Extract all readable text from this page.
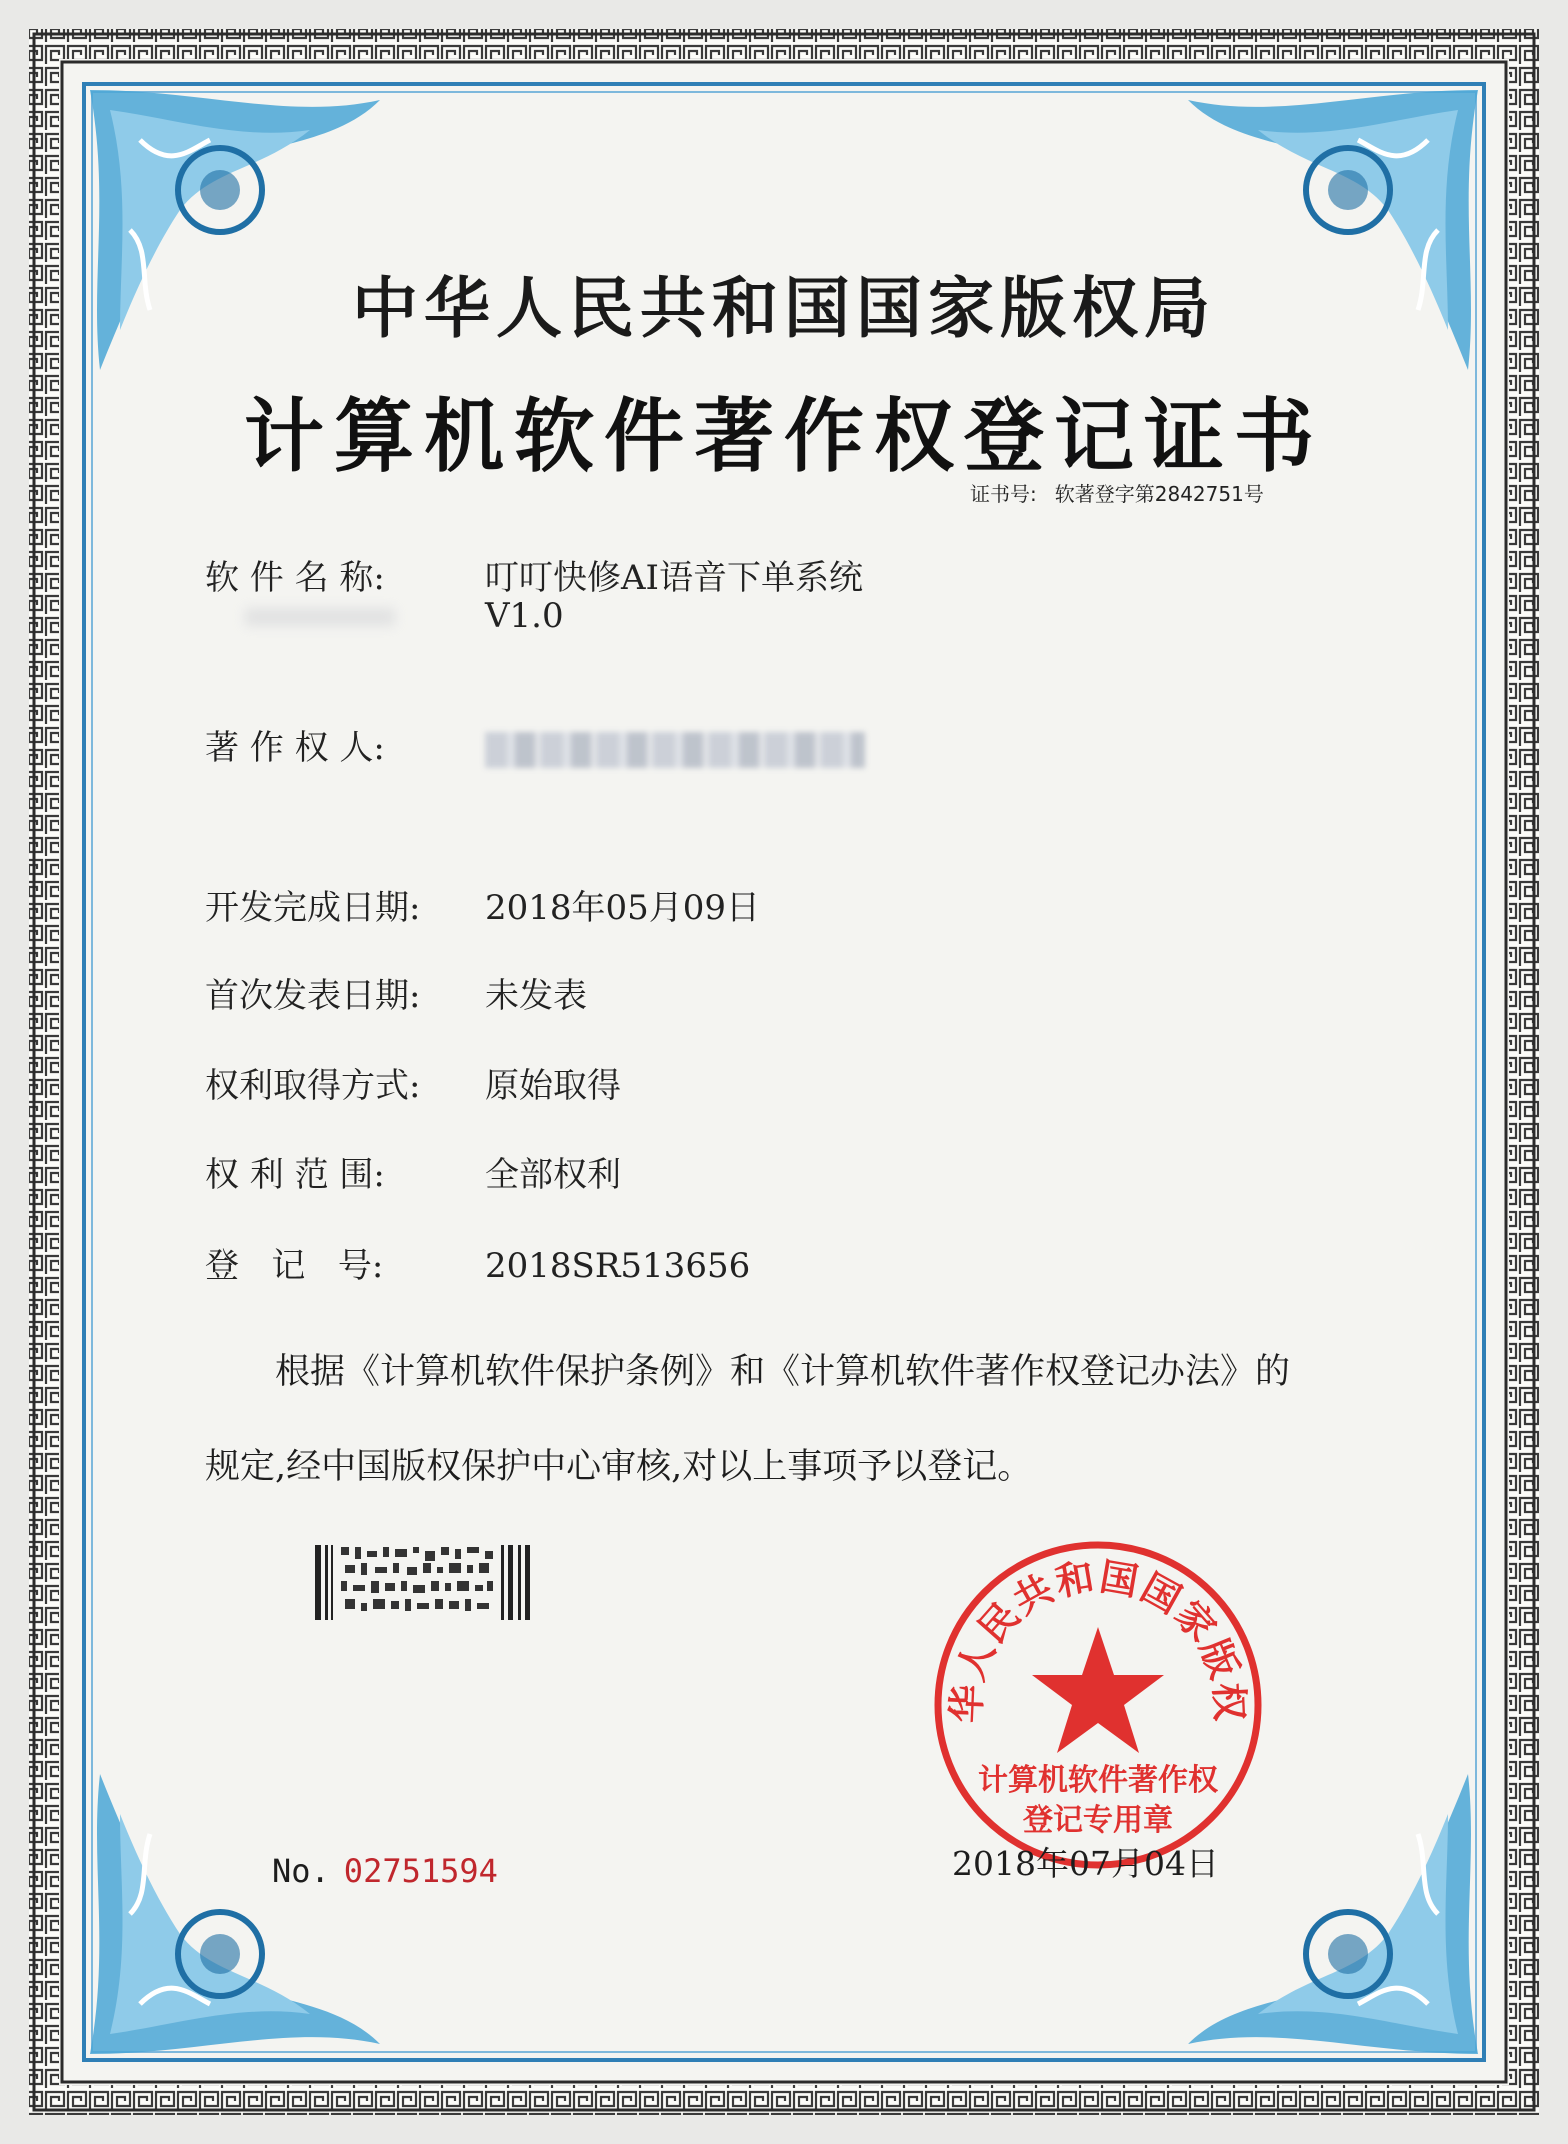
中华人民共和国国家版权局
计算机软件著作权登记证书
证书号: 软著登字第2842751号
软 件 名 称:	叮叮快修AI语音下单系统
V1.0
著 作 权 人:
开发完成日期: 2018年05月09日
首次发表日期: 未发表
权利取得方式: 原始取得
权 利 范 围:	全部权利
登   记   号:	2018SR513656
根据《计算机软件保护条例》和《计算机软件著作权登记办法》的
规定,经中国版权保护中心审核,对以上事项予以登记。
No. 02751594
华人民共和国国家版权
计算机软件著作权
登记专用章
2018年07月04日
